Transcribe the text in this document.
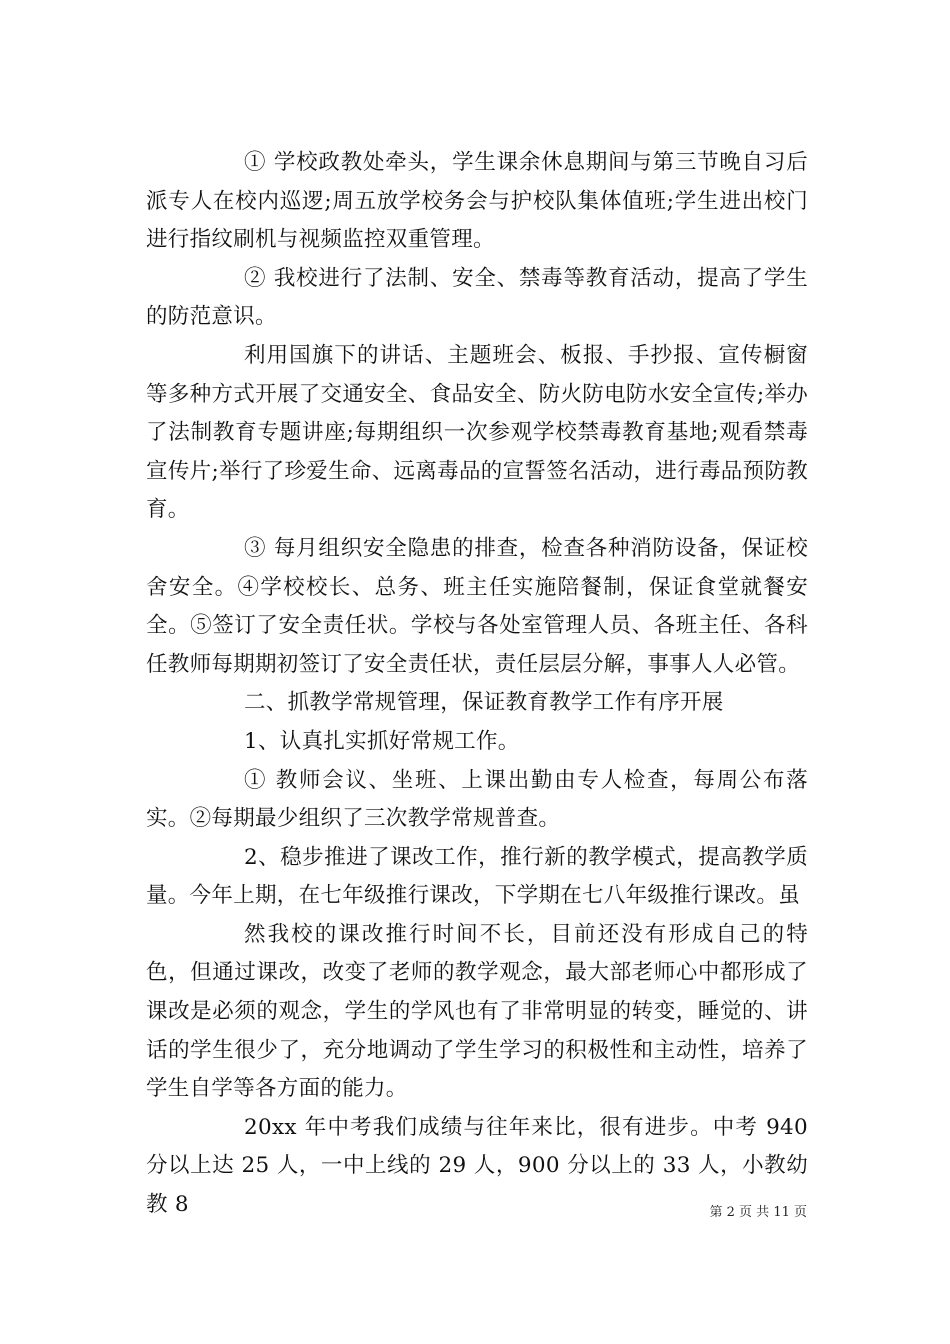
① 学校政教处牵头，学生课余休息期间与第三节晚自习后派专人在校内巡逻;周五放学校务会与护校队集体值班;学生进出校门进行指纹刷机与视频监控双重管理。

② 我校进行了法制、安全、禁毒等教育活动，提高了学生的防范意识。

利用国旗下的讲话、主题班会、板报、手抄报、宣传橱窗等多种方式开展了交通安全、食品安全、防火防电防水安全宣传;举办了法制教育专题讲座;每期组织一次参观学校禁毒教育基地;观看禁毒宣传片;举行了珍爱生命、远离毒品的宣誓签名活动，进行毒品预防教育。

③ 每月组织安全隐患的排查，检查各种消防设备，保证校舍安全。④学校校长、总务、班主任实施陪餐制，保证食堂就餐安全。⑤签订了安全责任状。学校与各处室管理人员、各班主任、各科任教师每期期初签订了安全责任状，责任层层分解，事事人人必管。

二、抓教学常规管理，保证教育教学工作有序开展

1、认真扎实抓好常规工作。

① 教师会议、坐班、上课出勤由专人检查，每周公布落实。②每期最少组织了三次教学常规普查。

2、稳步推进了课改工作，推行新的教学模式，提高教学质量。今年上期，在七年级推行课改，下学期在七八年级推行课改。虽

然我校的课改推行时间不长，目前还没有形成自己的特色，但通过课改，改变了老师的教学观念，最大部老师心中都形成了课改是必须的观念，学生的学风也有了非常明显的转变，睡觉的、讲话的学生很少了，充分地调动了学生学习的积极性和主动性，培养了学生自学等各方面的能力。

20xx 年中考我们成绩与往年来比，很有进步。中考 940 分以上达 25 人，一中上线的 29 人，900 分以上的 33 人，小教幼教 8	第 2 页 共 11 页
